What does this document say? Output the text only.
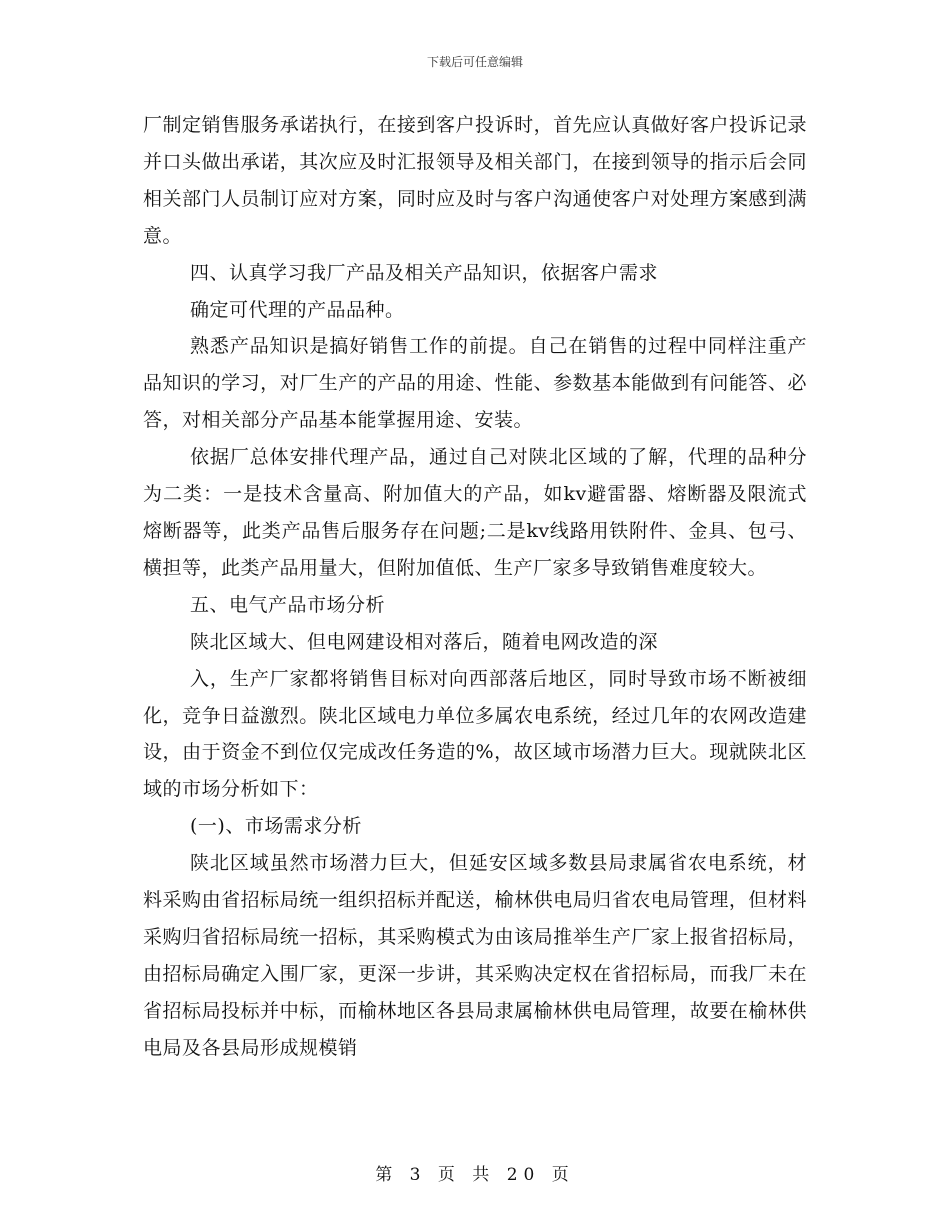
下载后可任意编辑

厂制定销售服务承诺执行，在接到客户投诉时，首先应认真做好客户投诉记录并口头做出承诺，其次应及时汇报领导及相关部门，在接到领导的指示后会同相关部门人员制订应对方案，同时应及时与客户沟通使客户对处理方案感到满意。

四、认真学习我厂产品及相关产品知识，依据客户需求

确定可代理的产品品种。

熟悉产品知识是搞好销售工作的前提。自己在销售的过程中同样注重产品知识的学习，对厂生产的产品的用途、性能、参数基本能做到有问能答、必答，对相关部分产品基本能掌握用途、安装。

依据厂总体安排代理产品，通过自己对陕北区域的了解，代理的品种分为二类：一是技术含量高、附加值大的产品，如kv避雷器、熔断器及限流式熔断器等，此类产品售后服务存在问题;二是kv线路用铁附件、金具、包弓、横担等，此类产品用量大，但附加值低、生产厂家多导致销售难度较大。

五、电气产品市场分析

陕北区域大、但电网建设相对落后，随着电网改造的深

入，生产厂家都将销售目标对向西部落后地区，同时导致市场不断被细化，竞争日益激烈。陕北区域电力单位多属农电系统，经过几年的农网改造建设，由于资金不到位仅完成改任务造的%，故区域市场潜力巨大。现就陕北区域的市场分析如下：

(一)、市场需求分析

陕北区域虽然市场潜力巨大，但延安区域多数县局隶属省农电系统，材料采购由省招标局统一组织招标并配送，榆林供电局归省农电局管理，但材料采购归省招标局统一招标，其采购模式为由该局推举生产厂家上报省招标局，由招标局确定入围厂家，更深一步讲，其采购决定权在省招标局，而我厂未在省招标局投标并中标，而榆林地区各县局隶属榆林供电局管理，故要在榆林供电局及各县局形成规模销

第 3 页 共 20 页
